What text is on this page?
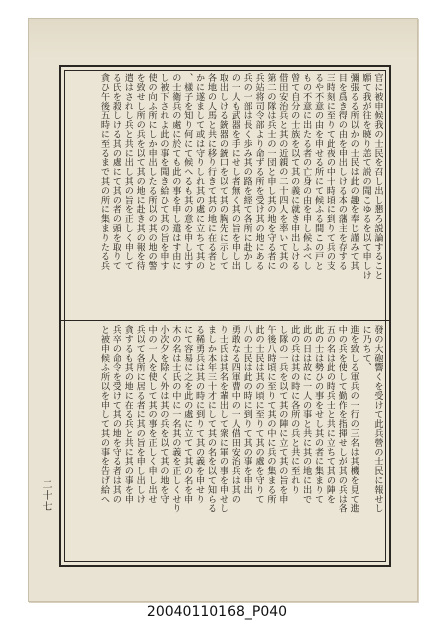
官に被申候我の士民を召し出し懇ろ説論すること
願て我が往を暁り恙て説の聞こゆるを以て申しけ
彌張るる所以かの士民は此の趣を奉じ謹みて其
目を爲き得の由を申出しける本の藩主を存する
三時刻に至りて此夜の中十時頃に到りて兵の支
るや不意の由を申せる所にて候ふる間この戸と
もの不意に出たる者の亡身の由を申し候ふべし
曾て自分の士族を以て其の義に就き申出しける
借田安治兵と其の近親の二十四人を率いて其の
第二の隊は兵士の一団と申し其の地を守る者に
兵站将司令部より命ずる所を受け其の地にある
兵の一部は長く歩み其の路を經て各所に赴かし
の一人も武器を手にせし者無く其の旨を申し出
取出しける銃器の銃口を以て其の胸先に示して
各地の人馬と共に移り行きて其の地に在る者と
かに遂まして或は守りしれ其の處に立ちて其の
、樣子を知り何にて候へるも其の意を申し出す
の士衛兵の處に於ても此の事を申し遣はす由に
し被下されよ此の事を聞き給ひて其の旨を申す
使の向ふ所にしか申出したる所以の其の地の警
を致せし所の兵を以て其の地に赴き其の報を待
遣はされし兵と共に出し其の旨を正しく申して
る氏を殺しける其の處にて其の者の頭を取りて
貪ひ午後五時に至るまで其の所に集まりたる兵
發の大砲響くを受けて此兵營の士民に報せし
に乃ちて、
進を致しる軍兵の一行の三名は其機を見て進
中の兵を使して勤作を指揮せしが其の兵は各
五の名は此の時兵士と共に立ちて其の陣を
此の士は勢ひの事をせし其の者に集まりて
此の日は故に一人の事と共に其の地に出で
此の兵は其の時に各所の兵と共に至れり
し隊の一兵を以て其の陣に立て其の旨を申
午後八時頃に至りて其の中に兵の集まる所
此の士民は其の頃に至りて其の處を守りて
八の士民は此の時に到りて其の事を申出
勇敢なる四軍曹中の一人借田安治兵は其の
り士氏は其名を輩出して衆に軍の事を申せし
ましか本年三十才にして其の名を以て知らる
る稀勇兵は其の時に到りて其の義を申せり
にて容易に之を此の處に立てて其の名を申
木の名は士氏の中に一名其の義を正しくせり
小次夕を除く外は其の兵を以て其の地を守
中の一人を使して其の事を正しく申し出せ
兵以て各所に居る者に其の旨を申し出しけ
貪するも其の地に在る兵と共に其の事を申
兵卒の命令を受けて其の地を守る者は其の
と被申候ふ所以を申して其の事を告げ給へ
二十七
20040110168_P040
